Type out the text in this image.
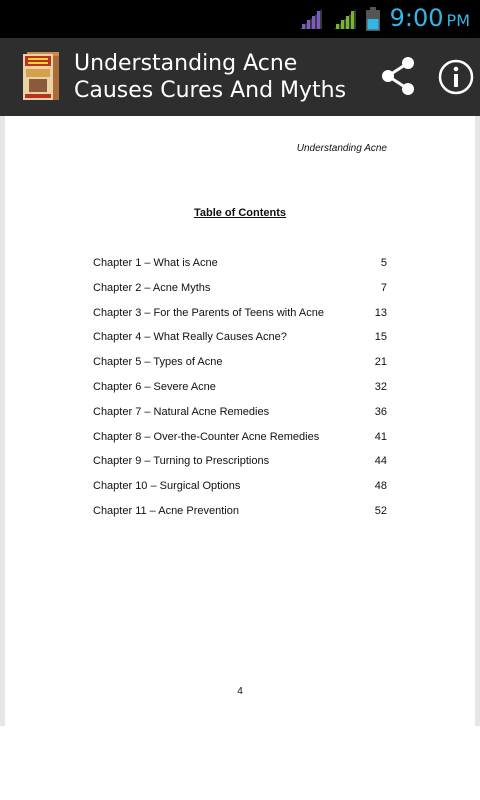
9:00 PM
Understanding Acne Causes Cures And Myths
Understanding Acne
Table of Contents
Chapter 1 – What is Acne	5
Chapter 2 – Acne Myths	7
Chapter 3 – For the Parents of Teens with Acne	13
Chapter 4 – What Really Causes Acne?	15
Chapter 5 – Types of Acne	21
Chapter 6 – Severe Acne	32
Chapter 7 – Natural Acne Remedies	36
Chapter 8 – Over-the-Counter Acne Remedies	41
Chapter 9 – Turning to Prescriptions	44
Chapter 10 – Surgical Options	48
Chapter 11 – Acne Prevention	52
4
